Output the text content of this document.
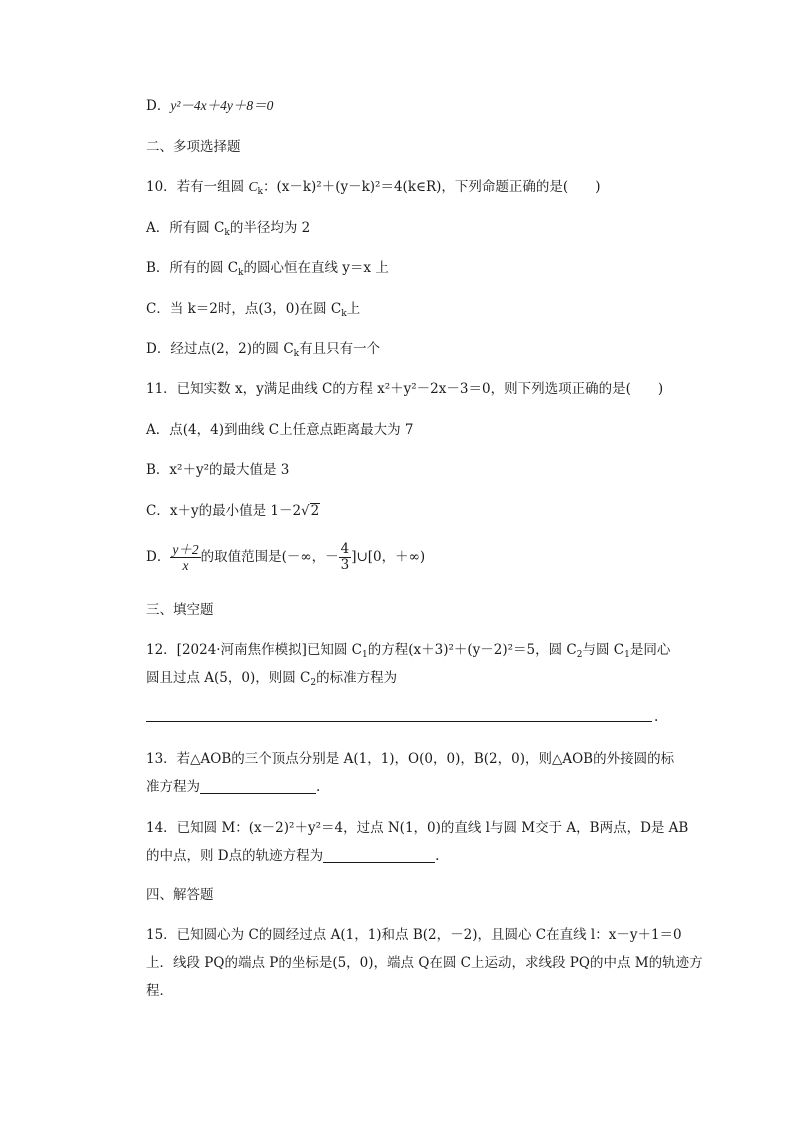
D．y²－4x＋4y＋8＝0
二、多项选择题
10．若有一组圆 $C_k$：(x－k)²＋(y－k)²＝4(k∈R)，下列命题正确的是(　　)
A．所有圆 $C_k$的半径均为 2
B．所有的圆 $C_k$的圆心恒在直线 y＝x 上
C．当 k＝2时，点(3，0)在圆 $C_k$上
D．经过点(2，2)的圆 $C_k$有且只有一个
11．已知实数 x，y满足曲线 C的方程 x²＋y²－2x－3＝0，则下列选项正确的是(　　)
A．点(4，4)到曲线 C上任意点距离最大为 7
B．x²＋y²的最大值是 3
C．x＋y的最小值是 1－2√2
D． $\frac{y+2}{x}$ 的取值范围是(－∞，－ $\frac{4}{3}$ ]∪[0，＋∞)
三、填空题
12．[2024·河南焦作模拟]已知圆 $C_1$的方程(x＋3)²＋(y－2)²＝5，圆 $C_2$与圆 $C_1$是同心
圆且过点 A(5，0)，则圆 $C_2$的标准方程为
.
13．若△AOB的三个顶点分别是 A(1，1)，O(0，0)，B(2，0)，则△AOB的外接圆的标
准方程为	.
14．已知圆 M：(x－2)²＋y²＝4，过点 N(1，0)的直线 l与圆 M交于 A，B两点，D是 AB
的中点，则 D点的轨迹方程为	.
四、解答题
15．已知圆心为 C的圆经过点 A(1，1)和点 B(2，－2)，且圆心 C在直线 l：x－y＋1＝0
上．线段 PQ的端点 P的坐标是(5，0)，端点 Q在圆 C上运动，求线段 PQ的中点 M的轨迹方
程．
